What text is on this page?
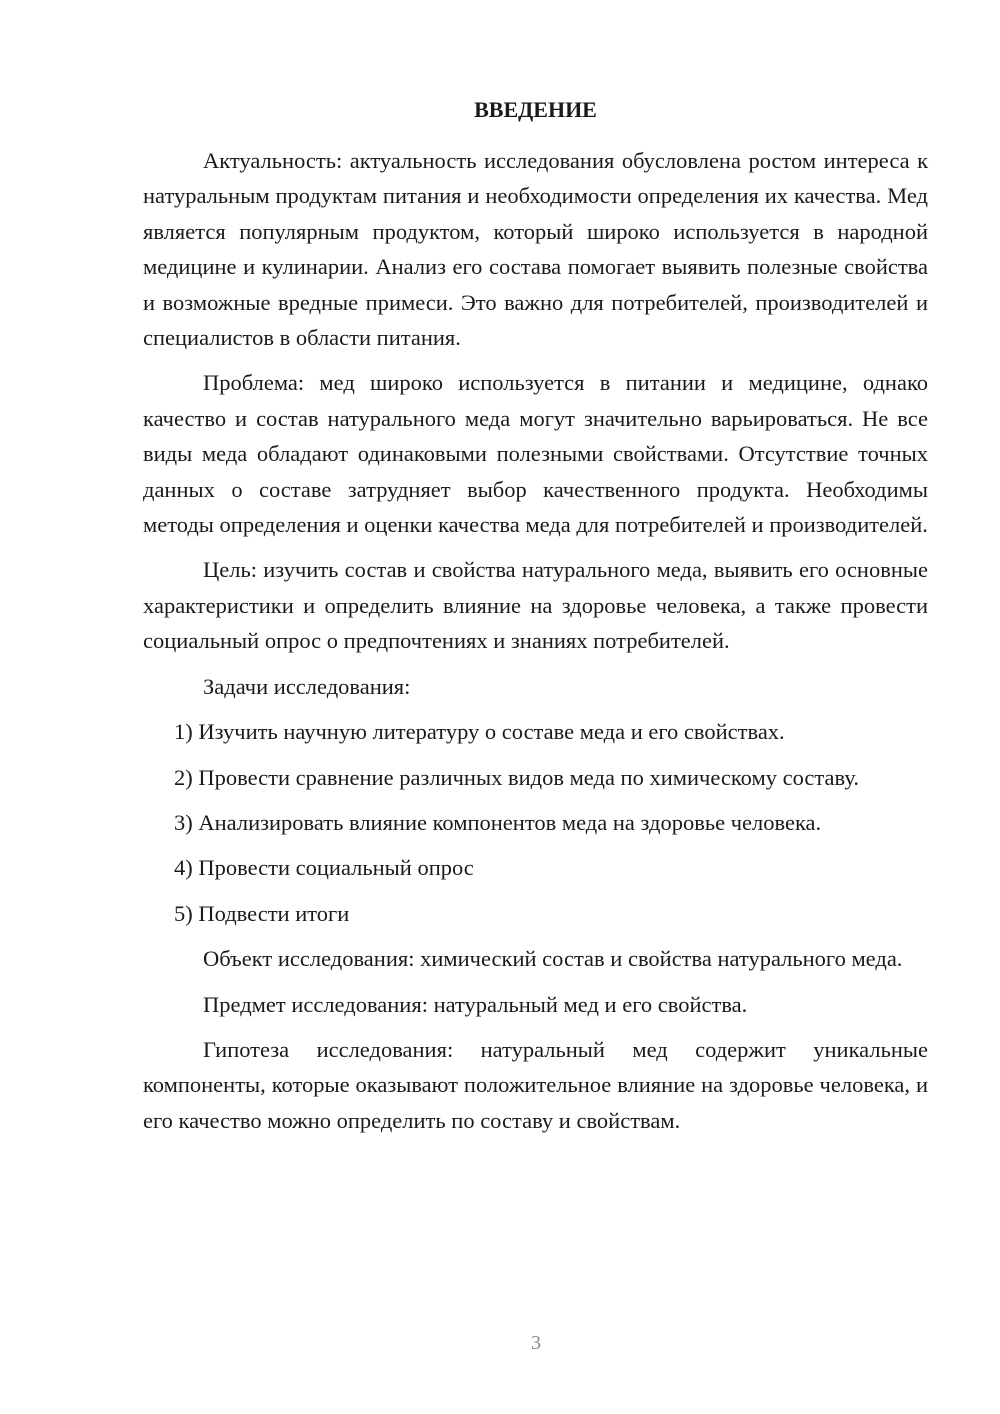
ВВЕДЕНИЕ

Актуальность: актуальность исследования обусловлена ростом интереса к натуральным продуктам питания и необходимости определения их качества. Мед является популярным продуктом, который широко используется в народной медицине и кулинарии. Анализ его состава помогает выявить полезные свойства и возможные вредные примеси. Это важно для потребителей, производителей и специалистов в области питания.

Проблема: мед широко используется в питании и медицине, однако качество и состав натурального меда могут значительно варьироваться. Не все виды меда обладают одинаковыми полезными свойствами. Отсутствие точных данных о составе затрудняет выбор качественного продукта. Необходимы методы определения и оценки качества меда для потребителей и производителей.

Цель: изучить состав и свойства натурального меда, выявить его основные характеристики и определить влияние на здоровье человека, а также провести социальный опрос о предпочтениях и знаниях потребителей.

Задачи исследования:

1) Изучить научную литературу о составе меда и его свойствах.
2) Провести сравнение различных видов меда по химическому составу.
3) Анализировать влияние компонентов меда на здоровье человека.
4) Провести социальный опрос
5) Подвести итоги

Объект исследования: химический состав и свойства натурального меда.

Предмет исследования: натуральный мед и его свойства.

Гипотеза исследования: натуральный мед содержит уникальные компоненты, которые оказывают положительное влияние на здоровье человека, и его качество можно определить по составу и свойствам.

3
